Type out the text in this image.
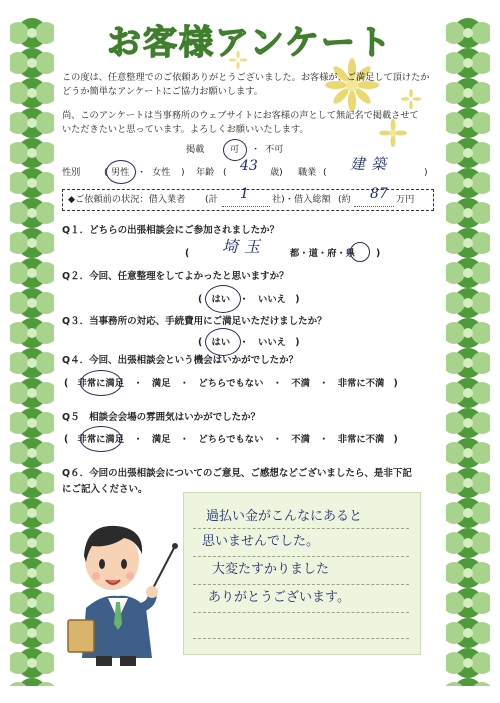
お客様アンケート
この度は、任意整理でのご依頼ありがとうございました。お客様が、ご満足して頂けたか
どうか簡単なアンケートにご協力お願いします。
尚、このアンケートは当事務所のウェブサイトにお客様の声として無記名で掲載させて
いただきたいと思っています。よろしくお願いいたします。
掲載	可 ・ 不可
性別	( 男性 ・ 女性 ) 年齢 ( 43 歳) 職業 ( 建築	)
◆ご依頼前の状況：借入業者 (計 1	社)・借入総額 (約 87 万円
Q１．どちらの出張相談会にご参加されましたか？
( 埼玉	都・道・府・県 )
Q２．今回、任意整理をしてよかったと思いますか？
(　はい　・　いいえ　)
Q３．当事務所の対応、手続費用にご満足いただけましたか？
(　はい　・　いいえ　)
Q４．今回、出張相談会という機会はいかがでしたか？
(　非常に満足　・　満足　・　どちらでもない　・　不満　・　非常に不満　)
Q５　相談会会場の雰囲気はいかがでしたか？
(　非常に満足　・　満足　・　どちらでもない　・　不満　・　非常に不満　)
Q６．今回の出張相談会についてのご意見、ご感想などございましたら、是非下記
にご記入ください。
過払い金がこんなにあると
思いませんでした。
大変たすかりました
ありがとうございます。
